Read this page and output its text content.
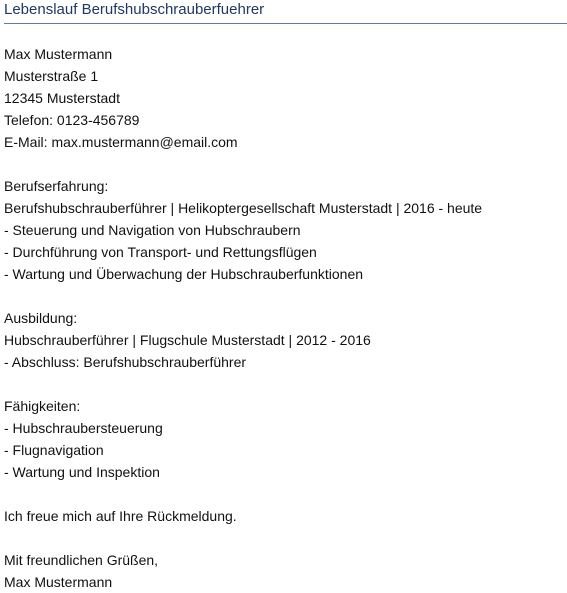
Lebenslauf Berufshubschrauberfuehrer
Max Mustermann
Musterstraße 1
12345 Musterstadt
Telefon: 0123-456789
E-Mail: max.mustermann@email.com
Berufserfahrung:
Berufshubschrauberführer | Helikoptergesellschaft Musterstadt | 2016 - heute
- Steuerung und Navigation von Hubschraubern
- Durchführung von Transport- und Rettungsflügen
- Wartung und Überwachung der Hubschrauberfunktionen
Ausbildung:
Hubschrauberführer | Flugschule Musterstadt | 2012 - 2016
- Abschluss: Berufshubschrauberführer
Fähigkeiten:
- Hubschraubersteuerung
- Flugnavigation
- Wartung und Inspektion
Ich freue mich auf Ihre Rückmeldung.
Mit freundlichen Grüßen,
Max Mustermann
